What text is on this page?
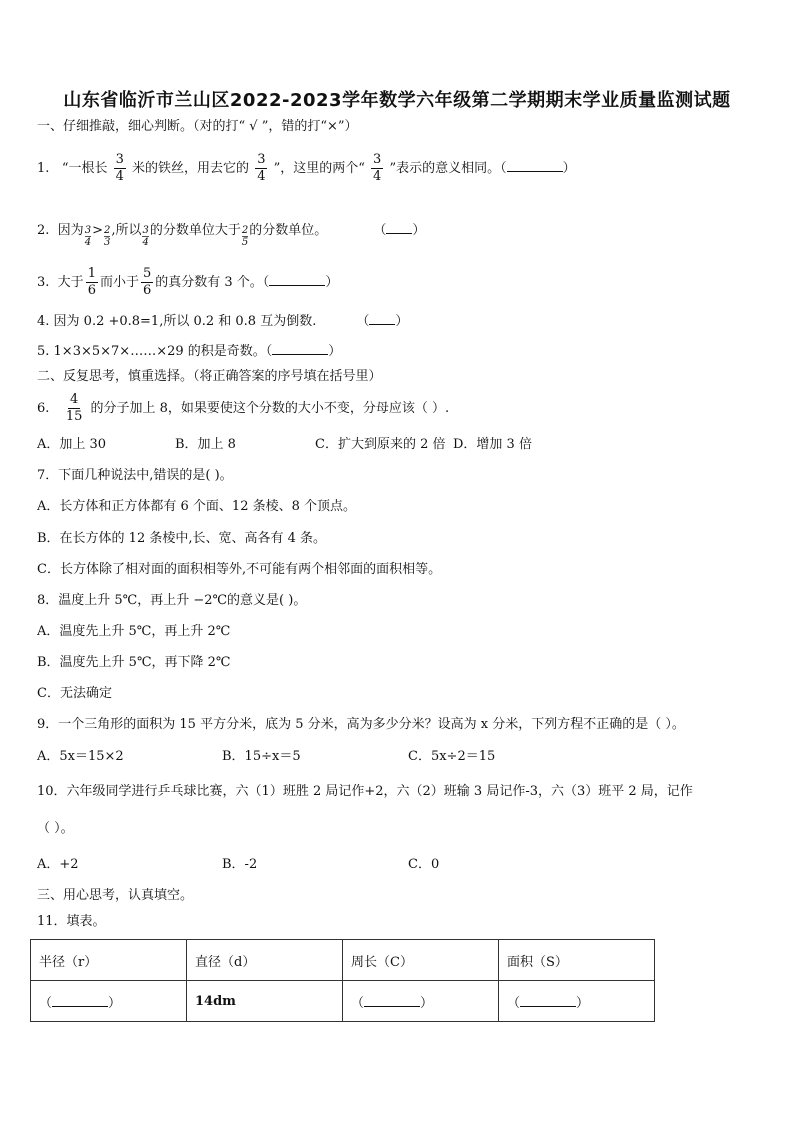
山东省临沂市兰山区2022-2023学年数学六年级第二学期期末学业质量监测试题
一、仔细推敲，细心判断。（对的打“ √ ”，错的打“×”）
1. “一根长 $\frac{3}{4}$ 米的铁丝，用去它的 $\frac{3}{4}$ ”，这里的两个“ $\frac{3}{4}$ ”表示的意义相同。（	）
2. 因为 $\frac{3}{4} > \frac{2}{3}$ ,所以 $\frac{3}{4}$ 的分数单位大于 $\frac{2}{5}$ 的分数单位。	（ ）
3. 大于 $\frac{1}{6}$ 而小于 $\frac{5}{6}$ 的真分数有 3 个。（	）
4. 因为 0.2 +0.8=1,所以 0.2 和 0.8 互为倒数.	（ ）
5. 1×3×5×7×……×29 的积是奇数。（	）
二、反复思考，慎重选择。（将正确答案的序号填在括号里）
6. $\frac{4}{15}$ 的分子加上 8，如果要使这个分数的大小不变，分母应该（ ）.
A．加上 30	B．加上 8	C．扩大到原来的 2 倍 D．增加 3 倍
7．下面几种说法中,错误的是( )。
A．长方体和正方体都有 6 个面、12 条棱、8 个顶点。
B．在长方体的 12 条棱中,长、宽、高各有 4 条。
C．长方体除了相对面的面积相等外,不可能有两个相邻面的面积相等。
8．温度上升 5℃，再上升 −2℃的意义是( )。
A．温度先上升 5℃，再上升 2℃
B．温度先上升 5℃，再下降 2℃
C．无法确定
9．一个三角形的面积为 15 平方分米，底为 5 分米，高为多少分米？设高为 x 分米，下列方程不正确的是（ ）。
A．5x＝15×2	B．15÷x＝5	C．5x÷2＝15
10．六年级同学进行乒乓球比赛，六（1）班胜 2 局记作+2，六（2）班输 3 局记作-3，六（3）班平 2 局，记作
（ ）。
A．+2	B．-2	C．0
三、用心思考，认真填空。
11．填表。
半径（r）	直径（d）	周长（C）	面积（S）
（ ）	14dm	（ ）	（ ）
